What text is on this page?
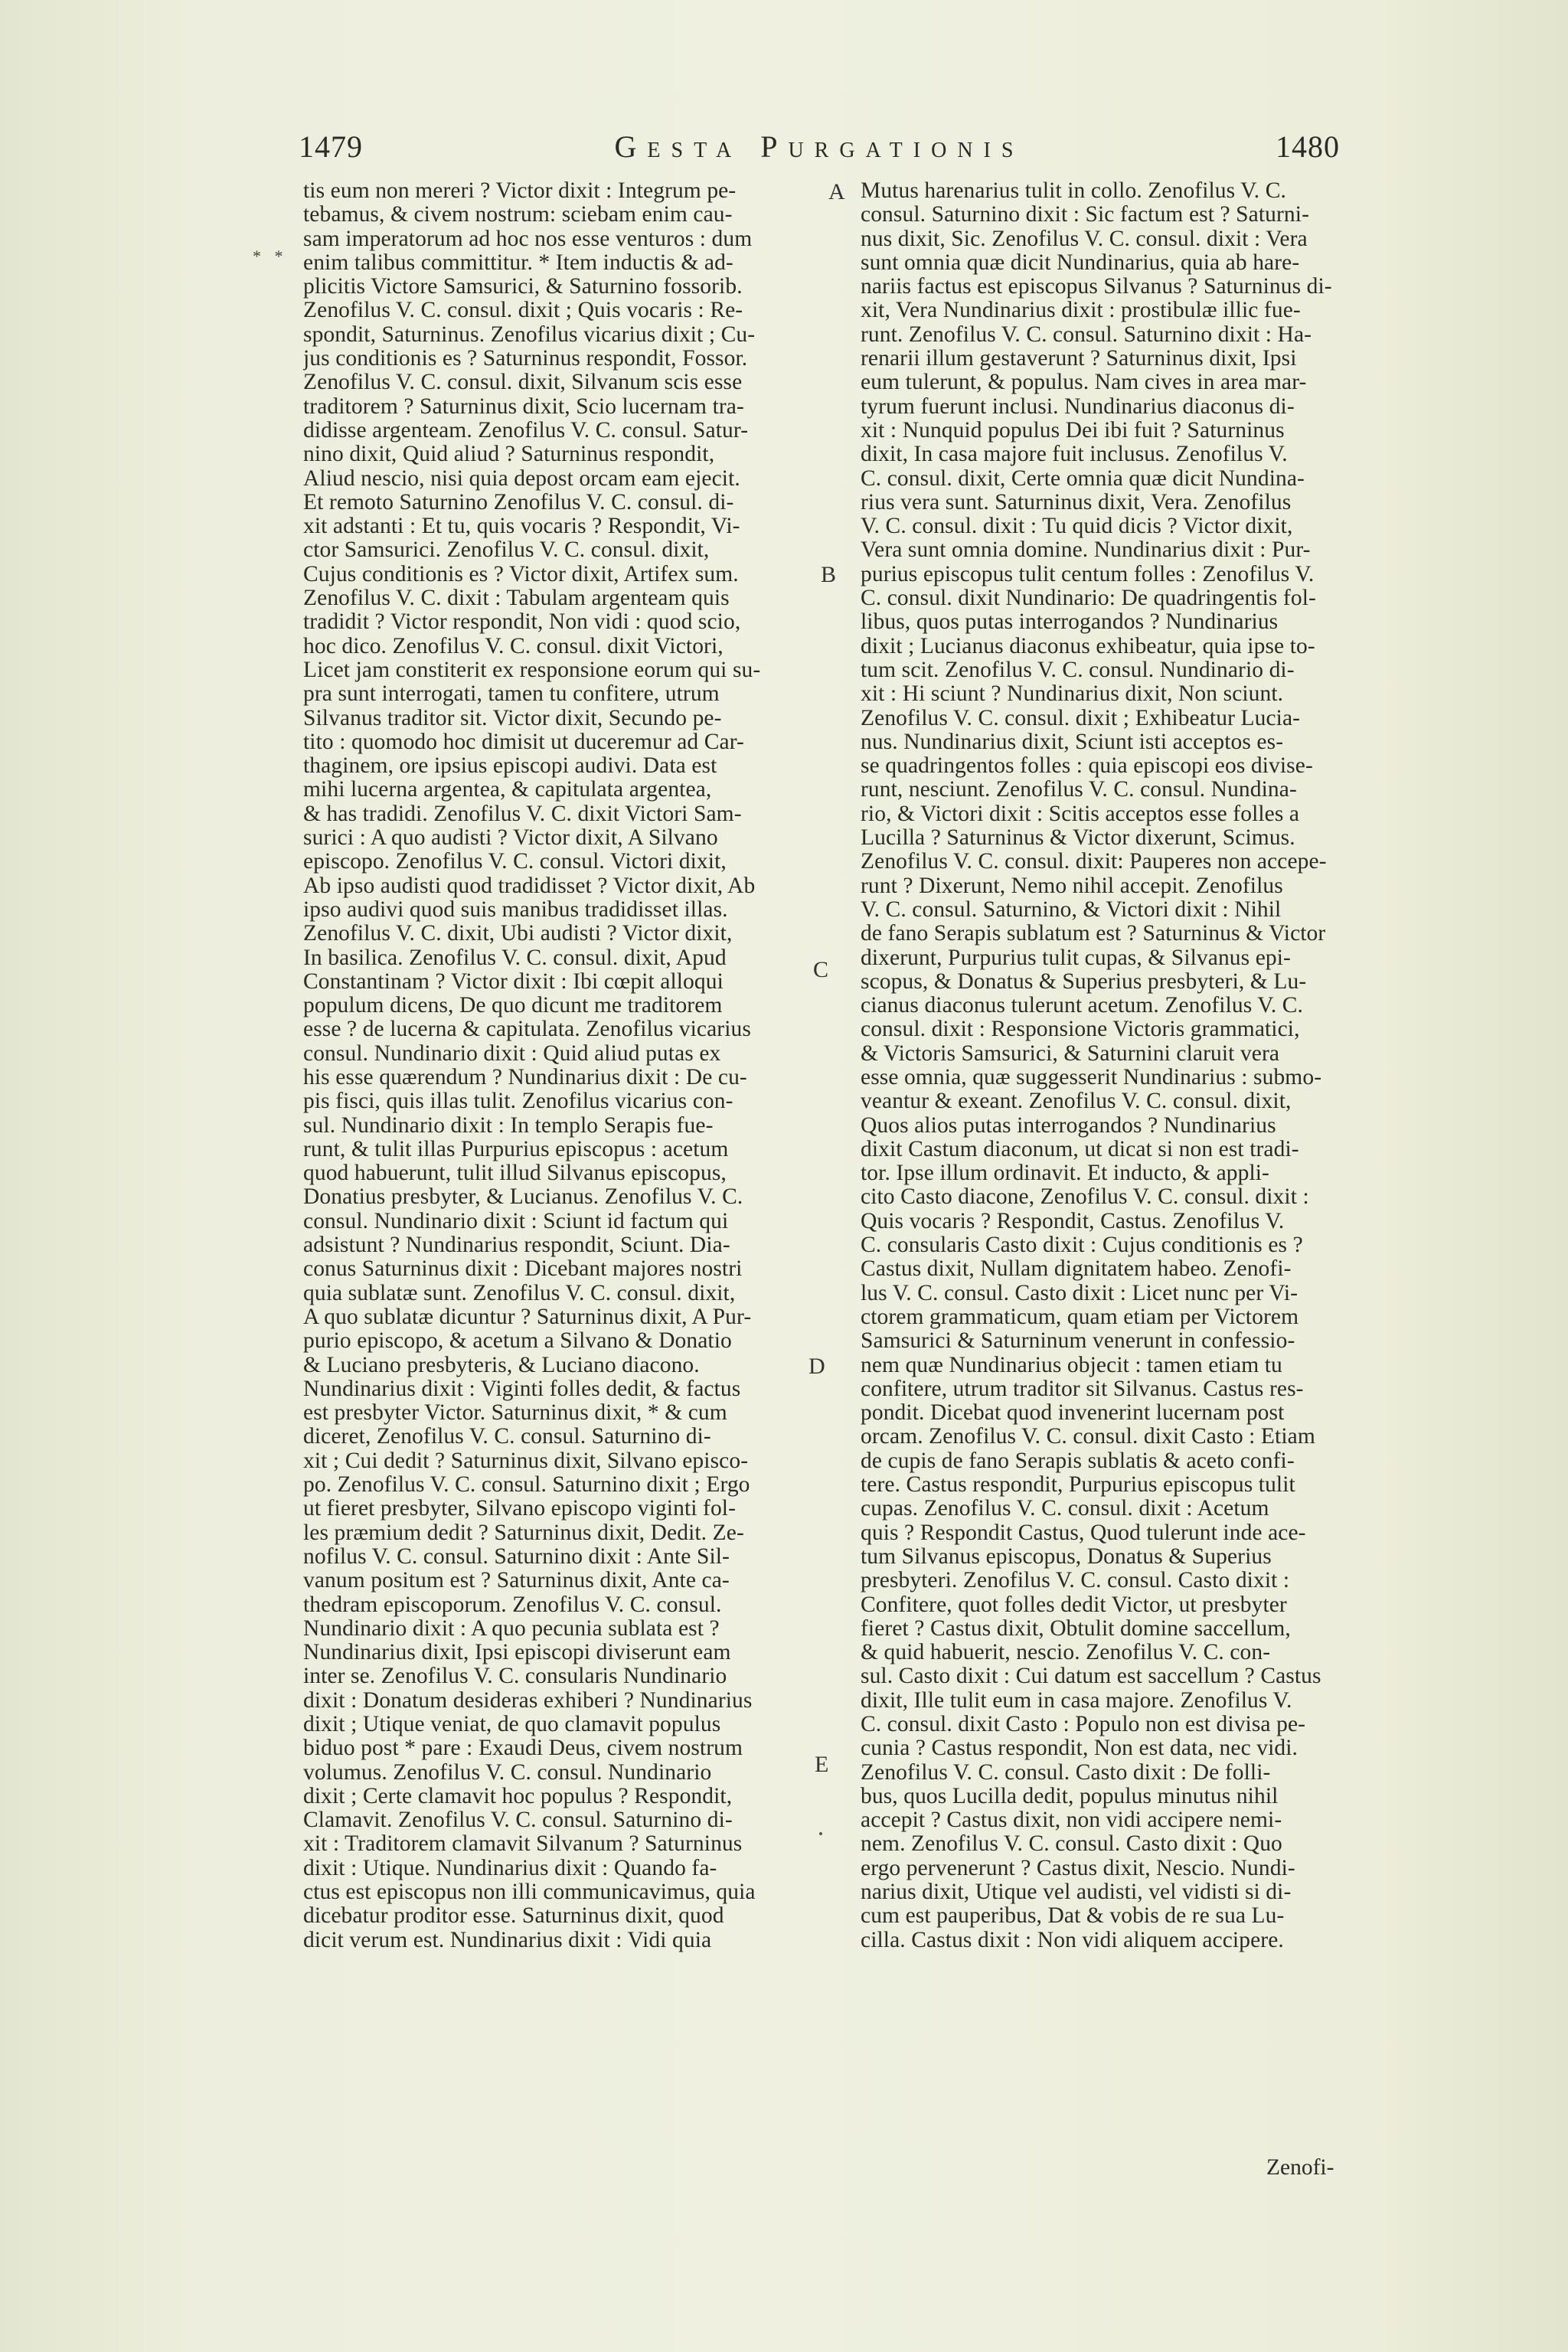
1479	Gesta Purgationis	1480
* *
tis eum non mereri ? Victor dixit : Integrum pe-
tebamus, & civem nostrum: sciebam enim cau-
sam imperatorum ad hoc nos esse venturos : dum
enim talibus committitur. * Item inductis & ad-
plicitis Victore Samsurici, & Saturnino fossorib.
Zenofilus V. C. consul. dixit ; Quis vocaris : Re-
spondit, Saturninus. Zenofilus vicarius dixit ; Cu-
jus conditionis es ? Saturninus respondit, Fossor.
Zenofilus V. C. consul. dixit, Silvanum scis esse
traditorem ? Saturninus dixit, Scio lucernam tra-
didisse argenteam. Zenofilus V. C. consul. Satur-
nino dixit, Quid aliud ? Saturninus respondit,
Aliud nescio, nisi quia depost orcam eam ejecit.
Et remoto Saturnino Zenofilus V. C. consul. di-
xit adstanti : Et tu, quis vocaris ? Respondit, Vi-
ctor Samsurici. Zenofilus V. C. consul. dixit,
Cujus conditionis es ? Victor dixit, Artifex sum.
Zenofilus V. C. dixit : Tabulam argenteam quis
tradidit ? Victor respondit, Non vidi : quod scio,
hoc dico. Zenofilus V. C. consul. dixit Victori,
Licet jam constiterit ex responsione eorum qui su-
pra sunt interrogati, tamen tu confitere, utrum
Silvanus traditor sit. Victor dixit, Secundo pe-
tito : quomodo hoc dimisit ut duceremur ad Car-
thaginem, ore ipsius episcopi audivi. Data est
mihi lucerna argentea, & capitulata argentea,
& has tradidi. Zenofilus V. C. dixit Victori Sam-
surici : A quo audisti ? Victor dixit, A Silvano
episcopo. Zenofilus V. C. consul. Victori dixit,
Ab ipso audisti quod tradidisset ? Victor dixit, Ab
ipso audivi quod suis manibus tradidisset illas.
Zenofilus V. C. dixit, Ubi audisti ? Victor dixit,
In basilica. Zenofilus V. C. consul. dixit, Apud
Constantinam ? Victor dixit : Ibi cœpit alloqui
populum dicens, De quo dicunt me traditorem
esse ? de lucerna & capitulata. Zenofilus vicarius
consul. Nundinario dixit : Quid aliud putas ex
his esse quærendum ? Nundinarius dixit : De cu-
pis fisci, quis illas tulit. Zenofilus vicarius con-
sul. Nundinario dixit : In templo Serapis fue-
runt, & tulit illas Purpurius episcopus : acetum
quod habuerunt, tulit illud Silvanus episcopus,
Donatius presbyter, & Lucianus. Zenofilus V. C.
consul. Nundinario dixit : Sciunt id factum qui
adsistunt ? Nundinarius respondit, Sciunt. Dia-
conus Saturninus dixit : Dicebant majores nostri
quia sublatæ sunt. Zenofilus V. C. consul. dixit,
A quo sublatæ dicuntur ? Saturninus dixit, A Pur-
purio episcopo, & acetum a Silvano & Donatio
& Luciano presbyteris, & Luciano diacono.
Nundinarius dixit : Viginti folles dedit, & factus
est presbyter Victor. Saturninus dixit, * & cum
diceret, Zenofilus V. C. consul. Saturnino di-
xit ; Cui dedit ? Saturninus dixit, Silvano episco-
po. Zenofilus V. C. consul. Saturnino dixit ; Ergo
ut fieret presbyter, Silvano episcopo viginti fol-
les præmium dedit ? Saturninus dixit, Dedit. Ze-
nofilus V. C. consul. Saturnino dixit : Ante Sil-
vanum positum est ? Saturninus dixit, Ante ca-
thedram episcoporum. Zenofilus V. C. consul.
Nundinario dixit : A quo pecunia sublata est ?
Nundinarius dixit, Ipsi episcopi diviserunt eam
inter se. Zenofilus V. C. consularis Nundinario
dixit : Donatum desideras exhiberi ? Nundinarius
dixit ; Utique veniat, de quo clamavit populus
biduo post * pare : Exaudi Deus, civem nostrum
volumus. Zenofilus V. C. consul. Nundinario
dixit ; Certe clamavit hoc populus ? Respondit,
Clamavit. Zenofilus V. C. consul. Saturnino di-
xit : Traditorem clamavit Silvanum ? Saturninus
dixit : Utique. Nundinarius dixit : Quando fa-
ctus est episcopus non illi communicavimus, quia
dicebatur proditor esse. Saturninus dixit, quod
dicit verum est. Nundinarius dixit : Vidi quia
Mutus harenarius tulit in collo. Zenofilus V. C.
consul. Saturnino dixit : Sic factum est ? Saturni-
nus dixit, Sic. Zenofilus V. C. consul. dixit : Vera
sunt omnia quæ dicit Nundinarius, quia ab hare-
nariis factus est episcopus Silvanus ? Saturninus di-
xit, Vera Nundinarius dixit : prostibulæ illic fue-
runt. Zenofilus V. C. consul. Saturnino dixit : Ha-
renarii illum gestaverunt ? Saturninus dixit, Ipsi
eum tulerunt, & populus. Nam cives in area mar-
tyrum fuerunt inclusi. Nundinarius diaconus di-
xit : Nunquid populus Dei ibi fuit ? Saturninus
dixit, In casa majore fuit inclusus. Zenofilus V.
C. consul. dixit, Certe omnia quæ dicit Nundina-
rius vera sunt. Saturninus dixit, Vera. Zenofilus
V. C. consul. dixit : Tu quid dicis ? Victor dixit,
Vera sunt omnia domine. Nundinarius dixit : Pur-
purius episcopus tulit centum folles : Zenofilus V.
C. consul. dixit Nundinario: De quadringentis fol-
libus, quos putas interrogandos ? Nundinarius
dixit ; Lucianus diaconus exhibeatur, quia ipse to-
tum scit. Zenofilus V. C. consul. Nundinario di-
xit : Hi sciunt ? Nundinarius dixit, Non sciunt.
Zenofilus V. C. consul. dixit ; Exhibeatur Lucia-
nus. Nundinarius dixit, Sciunt isti acceptos es-
se quadringentos folles : quia episcopi eos divise-
runt, nesciunt. Zenofilus V. C. consul. Nundina-
rio, & Victori dixit : Scitis acceptos esse folles a
Lucilla ? Saturninus & Victor dixerunt, Scimus.
Zenofilus V. C. consul. dixit: Pauperes non accepe-
runt ? Dixerunt, Nemo nihil accepit. Zenofilus
V. C. consul. Saturnino, & Victori dixit : Nihil
de fano Serapis sublatum est ? Saturninus & Victor
dixerunt, Purpurius tulit cupas, & Silvanus epi-
scopus, & Donatus & Superius presbyteri, & Lu-
cianus diaconus tulerunt acetum. Zenofilus V. C.
consul. dixit : Responsione Victoris grammatici,
& Victoris Samsurici, & Saturnini claruit vera
esse omnia, quæ suggesserit Nundinarius : submo-
veantur & exeant. Zenofilus V. C. consul. dixit,
Quos alios putas interrogandos ? Nundinarius
dixit Castum diaconum, ut dicat si non est tradi-
tor. Ipse illum ordinavit. Et inducto, & appli-
cito Casto diacone, Zenofilus V. C. consul. dixit :
Quis vocaris ? Respondit, Castus. Zenofilus V.
C. consularis Casto dixit : Cujus conditionis es ?
Castus dixit, Nullam dignitatem habeo. Zenofi-
lus V. C. consul. Casto dixit : Licet nunc per Vi-
ctorem grammaticum, quam etiam per Victorem
Samsurici & Saturninum venerunt in confessio-
nem quæ Nundinarius objecit : tamen etiam tu
confitere, utrum traditor sit Silvanus. Castus res-
pondit. Dicebat quod invenerint lucernam post
orcam. Zenofilus V. C. consul. dixit Casto : Etiam
de cupis de fano Serapis sublatis & aceto confi-
tere. Castus respondit, Purpurius episcopus tulit
cupas. Zenofilus V. C. consul. dixit : Acetum
quis ? Respondit Castus, Quod tulerunt inde ace-
tum Silvanus episcopus, Donatus & Superius
presbyteri. Zenofilus V. C. consul. Casto dixit :
Confitere, quot folles dedit Victor, ut presbyter
fieret ? Castus dixit, Obtulit domine saccellum,
& quid habuerit, nescio. Zenofilus V. C. con-
sul. Casto dixit : Cui datum est saccellum ? Castus
dixit, Ille tulit eum in casa majore. Zenofilus V.
C. consul. dixit Casto : Populo non est divisa pe-
cunia ? Castus respondit, Non est data, nec vidi.
Zenofilus V. C. consul. Casto dixit : De folli-
bus, quos Lucilla dedit, populus minutus nihil
accepit ? Castus dixit, non vidi accipere nemi-
nem. Zenofilus V. C. consul. Casto dixit : Quo
ergo pervenerunt ? Castus dixit, Nescio. Nundi-
narius dixit, Utique vel audisti, vel vidisti si di-
cum est pauperibus, Dat & vobis de re sua Lu-
cilla. Castus dixit : Non vidi aliquem accipere.
A
B
C
D
E
Zenofi-
